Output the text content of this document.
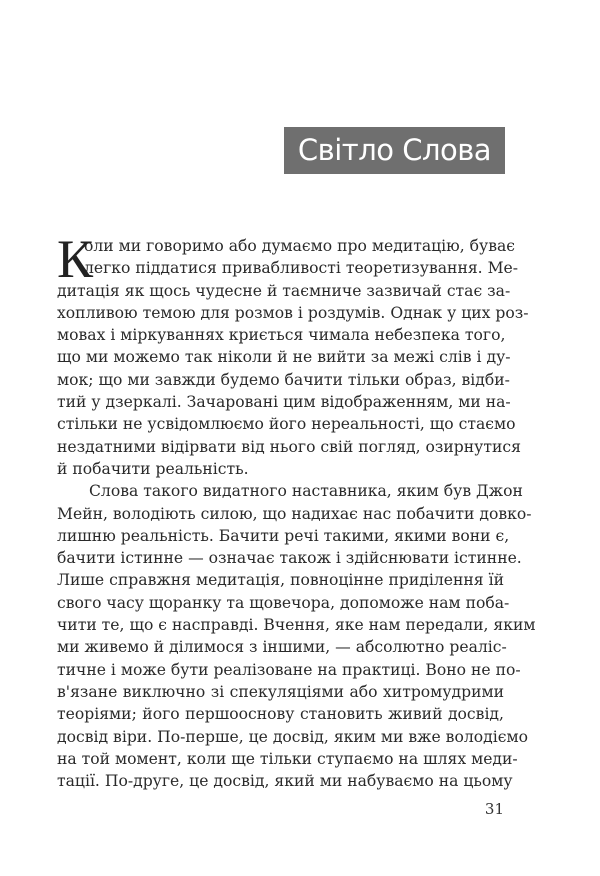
Світло Слова
К
оли ми говоримо або думаємо про медитацію, буває
легко піддатися привабливості теоретизування. Ме-
дитація як щось чудесне й таємниче зазвичай стає за-
хопливою темою для розмов і роздумів. Однак у цих роз-
мовах і міркуваннях криється чимала небезпека того,
що ми можемо так ніколи й не вийти за межі слів і ду-
мок; що ми завжди будемо бачити тільки образ, відби-
тий у дзеркалі. Зачаровані цим відображенням, ми на-
стільки не усвідомлюємо його нереальності, що стаємо
нездатними відірвати від нього свій погляд, озирнутися
й побачити реальність.
Слова такого видатного наставника, яким був Джон
Мейн, володіють силою, що надихає нас побачити довко-
лишню реальність. Бачити речі такими, якими вони є,
бачити істинне — означає також і здійснювати істинне.
Лише справжня медитація, повноцінне приділення їй
свого часу щоранку та щовечора, допоможе нам поба-
чити те, що є насправді. Вчення, яке нам передали, яким
ми живемо й ділимося з іншими, — абсолютно реаліс-
тичне і може бути реалізоване на практиці. Воно не по-
в'язане виключно зі спекуляціями або хитромудрими
теоріями; його першооснову становить живий досвід,
досвід віри. По-перше, це досвід, яким ми вже володіємо
на той момент, коли ще тільки ступаємо на шлях меди-
тації. По-друге, це досвід, який ми набуваємо на цьому
31
